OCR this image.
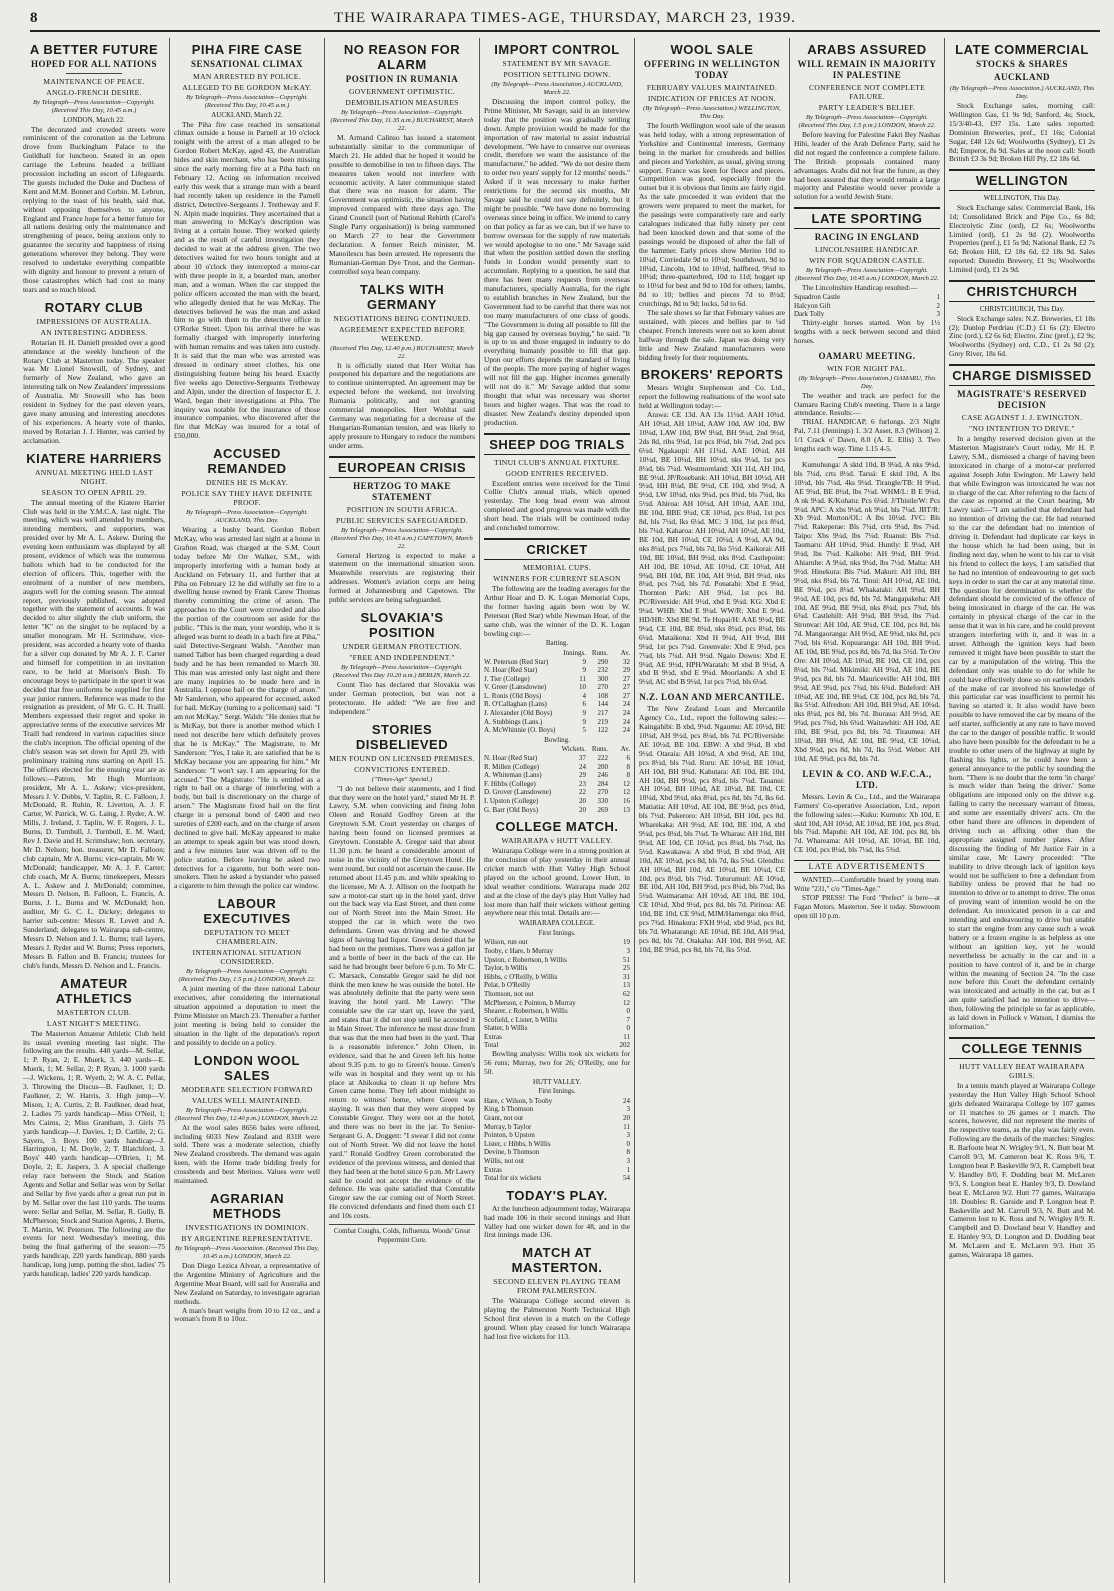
8	THE WAIRARAPA TIMES-AGE, THURSDAY, MARCH 23, 1939.
A BETTER FUTURE
HOPED FOR ALL NATIONS
MAINTENANCE OF PEACE.
ANGLO-FRENCH DESIRE.
By Telegraph—Press Association—Copyright. (Received This Day, 10.45 a.m.)
LONDON, March 22.

The decorated and crowded streets were reminiscent of the coronation as the Lebruns drove from Buckingham Palace to the Guildhall for luncheon. Seated in an open carriage the Lebruns headed a brilliant procession including an escort of Lifeguards. The guests included the Duke and Duchess of Kent and M.M. Bonnet and Corbin. M. Lebrun, replying to the toast of his health, said that, without opposing themselves to anyone, England and France hope for a better future for all nations desiring only the maintenance and strengthening of peace, being anxious only to guarantee the security and happiness of rising generations wherever they belong. They were resolved to undertake everything compatible with dignity and honour to prevent a return of those catastrophes which had cost so many tears and so much blood.

ROTARY CLUB
IMPRESSIONS OF AUSTRALIA.
AN INTERESTING ADDRESS.

Rotarian H. H. Daniell presided over a good attendance at the weekly luncheon of the Rotary Club at Masterton today. The speaker was Mr Lionel Snowsill, of Sydney, and formerly of New Zealand, who gave an interesting talk on New Zealanders' impressions of Australia. Mr Snowsill who has been resident in Sydney for the past eleven years, gave many amusing and interesting anecdotes of his experiences. A hearty vote of thanks, moved by Rotarian J. J. Hunter, was carried by acclamation.

KIATERE HARRIERS
ANNUAL MEETING HELD LAST NIGHT.
SEASON TO OPEN APRIL 29.

The annual meeting of the Kiatere Harrier Club was held in the Y.M.C.A. last night. The meeting, which was well attended by members, intending members, and supporters, was presided over by Mr A. L. Askew. During the evening keen enthusiasm was displayed by all present, evidence of which was the numerous ballots which had to be conducted for the election of officers. This, together with the enrolment of a number of new members, augurs well for the coming season. The annual report, previously published, was adopted together with the statement of accounts. It was decided to alter slightly the club uniform, the letter "K" on the singlet to be replaced by a smaller monogram. Mr H. Scrimshaw, vice-president, was accorded a hearty vote of thanks for a silver cup donated by Mr A. J. F. Carter and himself for competition in an invitation race, to be held at Morison's Bush. To encourage boys to participate in the sport it was decided that free uniforms be supplied for first year junior runners. Reference was made to the resignation as president, of Mr G. C. H. Traill. Members expressed their regret and spoke in appreciative terms of the executive services Mr Traill had rendered in various capacities since the club's inception. The official opening of the club's season was set down for April 29, with preliminary training runs starting on April 15. The officers elected for the ensuing year are as follows:—Patron, Mr Hugh Morrison; president, Mr A. L. Askew; vice-president, Messrs J. V. Dobbs, V. Taplin, R. C. Falloon, J. McDonald, R. Rubin, R. Liverton, A. J. F. Carter, W. Patrick, W. G. Laing, J. Ryder, A. W. Mills, J. Ireland, J. Taplin, W. F. Rogers, J. L. Burns, D. Turnbull, J. Turnbull, E. M. Ward, Rev J. Davie and H. Scrimshaw; hon. secretary, Mr D. Nelson; hon. treasurer, Mr D. Falloon; club captain, Mr A. Burns; vice-captain, Mr W. McDonald; handicapper, Mr A. J. F. Carter; club coach, Mr A. Burns; timekeepers, Messrs A. L. Askew and J. McDonald; committee, Messrs D. Nelson, B. Falloon, L. Francis, A. Burns, J. L. Burns and W. McDonald; hon. auditor, Mr G. C. L. Dickey; delegates to harrier sub-centre: Messrs R. Levett and A. Sunderland; delegates to Wairarapa sub-centre, Messrs D. Nelson and J. L. Burns; trail layers, Messrs J. Ryder and W. Burns; Press reporters, Messrs B. Fallon and B. Francis; trustees for club's funds, Messrs D. Nelson and L. Francis.

AMATEUR ATHLETICS
MASTERTON CLUB.
LAST NIGHT'S MEETING.

The Masterton Amateur Athletic Club held its usual evening meeting last night. The following are the results. 440 yards—M. Sellar, 1; P. Ryan, 2; E. Muerk, 3. 440 yards—E. Muerk, 1; M. Sellar, 2; P. Ryan, 3. 1000 yards—J. Wickens, 1; R. Wyeth, 2; W. A. C. Pellar, 3. Throwing the Discus—B. Faulkner, 1; D. Faulkner, 2; W. Harris, 3. High jump—V. Mison, 1; A. Curtis, 2; B. Faulkner, dead heat, 2. Ladies 75 yards handicap—Miss O'Neil, 1; Mrs Cairns, 2; Miss Grantham, 3. Girls 75 yards handicap—J. Davies, 1; D. Carlile, 2; G. Sayers, 3. Boys 100 yards handicap—J. Harrington, 1; M. Doyle, 2; T. Blatchford, 3. Boys' 440 yards handicap—O'Brien, 1; M. Doyle, 2; E. Jaspers, 3. A special challenge relay race between the Stock and Station Agents and Sellar and Sellar was won by Sellar and Sellar by five yards after a great run put in by M. Sellar over the last 110 yards. The teams were: Sellar and Sellar, M. Sellar, R. Gully, B. McPherson; Stock and Station Agents, J. Burns, T. Martin, W. Peterson. The following are the events for next Wednesday's meeting, this being the final gathering of the season:—75 yards handicap, 220 yards handicap, 880 yards handicap, long jump, putting the shot, ladies' 75 yards handicap, ladies' 220 yards handicap.

PIHA FIRE CASE
SENSATIONAL CLIMAX
MAN ARRESTED BY POLICE.
ALLEGED TO BE GORDON McKAY.
By Telegraph—Press Association—Copyright. (Received This Day, 10.45 a.m.)
AUCKLAND, March 22.

The Piha fire case reached its sensational climax outside a house in Parnell at 10 o'clock tonight with the arrest of a man alleged to be Gordon Robert McKay, aged 43, the Australian hides and skin merchant, who has been missing since the early morning fire at a Piha bach on February 12. Acting on information received early this week that a strange man with a beard had recently taken up residence in the Parnell district, Detective-Sergeants J. Tretheway and F. N. Alpin made inquiries. They ascertained that a man answering to McKay's description was living at a certain house. They worked quietly and as the result of careful investigation they decided to wait at the address given. The two detectives waited for two hours tonight and at about 10 o'clock they intercepted a motor-car with three people in it, a bearded man, another man, and a woman. When the car stopped the police officers accosted the man with the beard, who allegedly denied that he was McKay. The detectives believed he was the man and asked him to go with them to the detective office in O'Rorke Street. Upon his arrival there he was formally charged with improperly interfering with human remains and was taken into custody. It is said that the man who was arrested was dressed in ordinary street clothes, his one distinguishing feature being his beard. Exactly five weeks ago Detective-Sergeants Tretheway and Alpin, under the direction of Inspector E. J. Ward, began their investigations at Piha. The inquiry was notable for the insurance of those insurance companies, who discovered after the fire that McKay was insured for a total of £50,000.

ACCUSED REMANDED
DENIES HE IS McKAY.
POLICE SAY THEY HAVE DEFINITE PROOF.
By Telegraph—Press Association—Copyright. AUCKLAND, This Day.

Wearing a bushy beard, Gordon Robert McKay, who was arrested last night at a house in Grafton Road, was charged at the S.M. Court today before Mr Orr Walker, S.M., with improperly interfering with a human body at Auckland on February 11, and further that at Piha on February 12 he did wilfully set fire to a dwelling house owned by Frank Carew Thomas thereby committing the crime of arson. The approaches to the Court were crowded and also the portion of the courtroom set aside for the public. "This is the man, your worship, who it is alleged was burnt to death in a bach fire at Piha," said Detective-Sergeant Walsh. "Another man named Talbot has been charged regarding a dead body and he has been remanded to March 30. This man was arrested only last night and there are many inquiries to be made here and in Australia. I oppose bail on the charge of arson." Mr Sanderson, who appeared for accused, asked for bail. McKay (turning to a policeman) said: "I am not McKay." Sergt. Walsh: "He denies that he is McKay, but there is another method which I need not describe here which definitely proves that he is McKay." The Magistrate, to Mr Sanderson: "Yes, I take it, are satisfied that he is McKay because you are appearing for him." Mr Sanderson: "I won't say. I am appearing for the accused." The Magistrate: "He is entitled as a right to bail on a charge of interfering with a body, but bail is discretionary on the charge of arson." The Magistrate fixed bail on the first charge in a personal bond of £400 and two sureties of £200 each, and on the charge of arson declined to give bail. McKay appeared to make an attempt to speak again but was stood down, and a few minutes later was driven off to the police station. Before leaving he asked two detectives for a cigarette, but both were non-smokers. Then he asked a bystander who passed a cigarette to him through the police car window.

LABOUR EXECUTIVES
DEPUTATION TO MEET CHAMBERLAIN.
INTERNATIONAL SITUATION CONSIDERED.
By Telegraph—Press Association—Copyright. (Received This Day, 1.5 p.m.) LONDON, March 22.

A joint meeting of the three national Labour executives, after considering the international situation appointed a deputation to meet the Prime Minister on March 23. Thereafter a further joint meeting is being held to consider the situation in the light of the deputation's report and possibly to decide on a policy.

LONDON WOOL SALES
MODERATE SELECTION FORWARD
VALUES WELL MAINTAINED.
By Telegraph—Press Association—Copyright. (Received This Day, 12.40 p.m.) LONDON, March 22.

At the wool sales 8656 bales were offered, including 6033 New Zealand and 8318 were sold. There was a moderate selection, chiefly New Zealand crossbreds. The demand was again keen, with the Home trade bidding freely for crossbreds and best Merinos. Values were well maintained.

AGRARIAN METHODS
INVESTIGATIONS IN DOMINION.
BY ARGENTINE REPRESENTATIVE.
By Telegraph—Press Association. (Received This Day, 10.45 a.m.) LONDON, March 22.

Don Diego Lezica Alvear, a representative of the Argentine Ministry of Agriculture and the Argentine Meat Board, will sail for Australia and New Zealand on Saturday, to investigate agrarian methods.

A man's heart weighs from 10 to 12 oz., and a woman's from 8 to 10oz.

NO REASON FOR ALARM
POSITION IN RUMANIA
GOVERNMENT OPTIMISTIC.
DEMOBILISATION MEASURES
By Telegraph—Press Association—Copyright. (Received This Day, 11.35 a.m.) BUCHAREST, March 22.

M. Armand Calinso has issued a statement substantially similar to the communique of March 21. He added that he hoped it would be possible to demobilise in ten to fifteen days. The measures taken would not interfere with economic activity. A later communique stated that there was no reason for alarm. The Government was optimistic, the situation having improved compared with three days ago. The Grand Council (sort of National Rebirth (Carol's Single Party organisation)) is being summoned on March 27 to hear the Government declaration. A former Reich minister, M. Manoilescu has been arrested. He represents the Rumanian-German Dye Trust, and the German-controlled soya bean company.

TALKS WITH GERMANY
NEGOTIATIONS BEING CONTINUED.
AGREEMENT EXPECTED BEFORE WEEKEND.
(Received This Day, 12.40 p.m.) BUCHAREST, March 22.

It is officially stated that Herr Woltat has postponed his departure and the negotiations are to continue uninterrupted. An agreement may be expected before the weekend, not involving Rumania politically, and not granting commercial monopolies. Herr Wohltat said Germany was negotiating for a decrease of the Hungarian-Rumanian tension, and was likely to apply pressure to Hungary to reduce the numbers under arms.

EUROPEAN CRISIS
HERTZOG TO MAKE STATEMENT
POSITION IN SOUTH AFRICA.
PUBLIC SERVICES SAFEGUARDED.
By Telegraph—Press Association—Copyright. (Received This Day, 10.45 a.m.) CAPETOWN, March 22.

General Hertzog is expected to make a statement on the international situation soon. Meanwhile reservists are registering their addresses. Women's aviation corps are being formed at Johannesburg and Capetown. The public services are being safeguarded.

SLOVAKIA'S POSITION
UNDER GERMAN PROTECTION.
"FREE AND INDEPENDENT."
By Telegraph—Press Association—Copyright. (Received This Day 10.20 a.m.) BERLIN, March 22.

Count Tiso has declared that Slovakia was under German protection, but was not a protectorate. He added: "We are free and independent."

STORIES DISBELIEVED
MEN FOUND ON LICENSED PREMISES.
CONVICTIONS ENTERED.
("Times-Age" Special.)

"I do not believe their statements, and I find that they were on the hotel yard," stated Mr H. P. Lawry, S.M. when convicting and fining John Oleen and Ronald Godfrey Green at the Greytown S.M. Court yesterday on charges of having been found on licensed premises at Greytown. Constable A. Gregor said that about 11.30 p.m. he heard a considerable amount of noise in the vicinity of the Greytown Hotel. He went round, but could not ascertain the cause. He returned about 11.45 p.m. and while speaking to the licensee, Mr A. J. Allison on the footpath he saw a motor-car start up in the hotel yard, drive out the back way via East Street, and then come out of North Street into the Main Street. He stopped the car in which were the two defendants. Green was driving and he showed signs of having had liquor. Green denied that he had been on the premises. There was a gallon jar and a bottle of beer in the back of the car. He said he had brought beer before 6 p.m. To Mr C. C. Marsack, Constable Gregor said he did not think the men knew he was outside the hotel. He was absolutely definite that the party were seen leaving the hotel yard. Mr Lawry: "The constable saw the car start up, leave the yard, and states that it did not stop until he accosted it in Main Street. The inference he must draw from that was that the men had been in the yard. That is a reasonable inference." John Oleen, in evidence, said that he and Green left his home about 9.35 p.m. to go to Green's house. Green's wife was in hospital and they went up to his place at Ahikouka to clean it up before Mrs Green came home. They left about midnight to return to witness' home, where Green was staying. It was then that they were stopped by Constable Gregor. They were not at the hotel, and there was no beer in the jar. To Senior-Sergeant G. A. Doggett: "I swear I did not come out of North Street. We did not leave the hotel yard." Ronald Godfrey Green corroborated the evidence of the previous witness, and denied that they had been at the hotel since 6 p.m. Mr Lawry said he could not accept the evidence of the defence. He was quite satisfied that Constable Gregor saw the car coming out of North Street. He convicted defendants and fined them each £1 and 10s costs.

Combat Coughs, Colds, Influenza. Woods' Great Peppermint Cure.
IMPORT CONTROL
STATEMENT BY MR SAVAGE.
POSITION SETTLING DOWN.
(By Telegraph—Press Association.) AUCKLAND, March 22.

Discussing the import control policy, the Prime Minister, Mr Savage, said in an interview today that the position was gradually settling down. Ample provision would be made for the importation of raw material to assist industrial development. "We have to conserve our overseas credit, therefore we want the assistance of the manufacturer," he added. "We do not desire them to order two years' supply for 12 months' needs." Asked if it was necessary to make further restrictions for the second six months, Mr Savage said he could not say definitely, but it might be possible. "We have done no borrowing overseas since being in office. We intend to carry on that policy as far as we can, but if we have to borrow overseas for the supply of raw materials we would apologise to no one." Mr Savage said that when the position settled down the sterling funds in London would presently start to accumulate. Replying to a question, he said that there has been many requests from overseas manufacturers, specially Australia, for the right to establish branches in New Zealand, but the Government had to be careful that there was not too many manufacturers of one class of goods. "The Government is doing all possible to fill the big gap caused by overseas buying," he said. "It is up to us and those engaged in industry to do everything humanly possible to fill that gap. Upon our efforts depends the standard of living of the people. The more paying of higher wages will not fill the gap. Higher incomes generally will not do it." Mr Savage added that some thought that what was necessary was shorter hours and higher wages. That was the road to disaster. New Zealand's destiny depended upon production.

SHEEP DOG TRIALS
TINUI CLUB'S ANNUAL FIXTURE.
GOOD ENTRIES RECEIVED.

Excellent entries were received for the Tinui Collie Club's annual trials, which opened yesterday. The long head event was almost completed and good progress was made with the short head. The trials will be continued today and concluded tomorrow.

CRICKET
MEMORIAL CUPS.
WINNERS FOR CURRENT SEASON

The following are the leading averages for the Arthur Hoar and D. K. Logan Memorial Cups, the former having again been won by W. Peterson (Red Star) while Newman Hoar, of the same club, was the winner of the D. K. Logan bowling cup:—

Batting.
	Innings.	Runs.	Av.
W. Peterson (Red Star)	9	290	32
N. Hoar (Red Star)	9	232	29
J. Tier (College)	11	300	27
V. Greer (Lansdowne)	10	270	27
L. Ronis (Old Boys)	4	108	27
R. O'Callaghan (Lans)	6	144	24
J. Alexander (Old Boys)	9	217	24
A. Stubbings (Lans.)	9	219	24
A. McWhinnie (O. Boys)	5	122	24
Bowling.
	Wickets.	Runs.	Av.
N. Hoar (Red Star)	37	222	6
R. Millen (College)	24	200	8
A. Whiteman (Lans)	29	246	8
F. Hibbs (College)	23	284	12
D. Grover (Lansdowne)	22	270	12
I. Upston (College)	20	330	16
G. Barr (Old Boys)	20	269	13
COLLEGE MATCH.
WAIRARAPA v HUTT VALLEY.

Wairarapa College were in a strong position at the conclusion of play yesterday in their annual cricket match with Hutt Valley High School played on the school ground, Lower Hutt, in ideal weather conditions. Wairarapa made 202 and at the close of the day's play Hutt Valley had lost more than half their wickets without getting anywhere near this total. Details are:—

WAIRARAPA COLLEGE.
First Innings.
Wilson, run out	19
Tooby, c Hare, b Murray	3
Upston, c Robertson, b Willis	51
Taylor, b Willis	25
Hibbs, c O'Reilly, b Willis	31
Pelar, b O'Reilly	13
Thomson, not out	62
McPherson, c Pointon, b Murray	12
Shearer, c Robertson, b Willis	0
Scofield, c Lister, b Willis	7
Slatter, b Willis	0
Extras	11
Total	202

Bowling analysis: Willis took six wickets for 56 runs; Murray, two for 26; O'Reilly, one for 50.

HUTT VALLEY.
First Innings.
Hare, c Wilson, b Tooby	24
King, b Thomson	3
Grant, not out	20
Murray, b Taylor	11
Pointon, b Upston	3
Lister, c Hibbs, b Willis	0
Devine, b Thomson	8
Willis, not out	3
Extras	1
Total for six wickets	54
TODAY'S PLAY.

At the luncheon adjournment today, Wairarapa had made 106 in their second innings and Hutt Valley had one wicket down for 48, and in the first innings made 136.

MATCH AT MASTERTON.
SECOND ELEVEN PLAYING TEAM FROM PALMERSTON.

The Wairarapa College second eleven is playing the Palmerston North Technical High School first eleven in a match on the College ground. When play ceased for lunch Wairarapa had lost five wickets for 113.

WOOL SALE
OFFERING IN WELLINGTON TODAY
FEBRUARY VALUES MAINTAINED.
INDICATION OF PRICES AT NOON.
(By Telegraph—Press Association.) WELLINGTON, This Day.

The fourth Wellington wool sale of the season was held today, with a strong representation of Yorkshire and Continental interests, Germany being in the market for crossbreds and bellies and pieces and Yorkshire, as usual, giving strong support. France was keen for fleece and pieces. Competition was good, especially from the outset but it is obvious that limits are fairly rigid. As the sale proceeded it was evident that the growers were prepared to meet the market, for the passings were comparatively rare and early catalogues indicated that fully ninety per cent had been knocked down and that some of the passings would be disposed of after the fall of the hammer. Early prices show Merino 10d to 10¼d, Corriedale 9d to 10½d; Southdown, 9d to 10¼d, Lincoln, 10d to 10½d, halfbred, 9½d to 10½d; three-quarterbred, 10d to 11d; hogget up to 10½d for best and 9d to 10d for others; lambs, 8d to 10; bellies and pieces 7d to 8½d; crutchings, 8d to 9d; locks, 5d to 6d.

The sale shows so far that February values are sustained, with pieces and bellies par to ¼d cheaper. French interests were not so keen about halfway through the sale. Japan was doing very little and New Zealand manufacturers were bidding freely for their requirements.

BROKERS' REPORTS

Messrs Wright Stephenson and Co. Ltd., report the following realisations of the wool sale held at Wellington today:—

Arawa: CE 13d. AA 13s 11¼d. AAH 10¾d. AH 10¼d, AH 10½d, AAW 10d, AW 10d, BW 10¼d, LAW 10d, BW 9¼d, BH 9¼d, 2nd 9½d, 2ds 8d, ribs 9¼d, 1st pcs 8¼d, bls 7½d, 2nd pcs 6½d. Ngakaupi: AH 11¼d, AAE 10¼d, AH 10½d, BE 10¼d, BH 10½d, nks 9¼d, 1st pcs 8¼d, bls 7¼d. Westmoreland: XH 11d, AH 10d, BE 9½d. JP/Rosebank: AH 10¼d, BH 10½d, AH 9½d, HH 8¼d, BE 9½d, CE 10d, xbd 9½d, A 9½d, LW 10¼d, nks 9¼d, pcs 8¼d, bls 7¼d, lks 5½d. Ahiroa: AH 10½d, AH 10¼d, AAE 10d, BE 10d, BBE 9¼d, CE 10¼d, pcs 8¼d, 1st pcs 8d, bls 7½d, lks 6¼d. MC: 3 10d, 1st pcs 8¼d, bls 7¼d. Kaharoa: AH 10½d, AH 10½d, AE 10d, BE 10d, BH 10¼d, CE 10½d, A 9½d, AA 9d, nks 8¼d, pcs 7¼d, bls 7d, lks 5½d. Kaikorai: AH 10d, BE 10¼d, BH 9½d, nks 8½d. Castlepoint: AH 10d, BE 10¼d, AE 10½d, CE 10½d, AH 9¾d, BH 10d, BE 10d, AH 9½d, BH 9¼d, nks 8¼d, pcs 7¼d, bls 7d. Ponatahi: Xbd E 9¼d, Thornton Park: AH 9¼d, 1st pcs 8d. PC/Riverside: AH 9½d, xbd E 9¼d. KG: Xbd E 9¼d. WHB: Xbd E 9¼d. WW/R: Xbd E 9¼d. HD/HR: Xbd BE 9d. Te Hopai/H: AAE 9½d, BE 9¼d, CE 10d, BE 8¾d, nks 8¼d, pcs 8¼d, bls 6¼d. Mataikona: Xbd H 9¼d, AH 9½d, BH 9¼d, 1st pcs 7¼d. Greenvale: Xbd E 9¼d, pcs 7¼d, bls 7¼d. AH 9½d. Ngaio Downs: Xbd E 9¼d, AE 9½d, HPH/Waratah: M xbd B 9½d, A xbd B 9½d, xbd E 9¼d. Moorlands: A xbd E 9½d, AC xbd B 9½d, 1st pcs 7½d, bls 6¼d.

N.Z. LOAN AND MERCANTILE.

The New Zealand Loan and Mercantile Agency Co., Ltd., report the following sales:—Kaingahibi: B xbd, 9¼d. Ngaumu: AE 10½d, BE 10¼d, AH 9½d, pcs 8¼d, bls 7d. PC/Riverside: AE 10½d, BE 10d. EBW: A xbd 9¼d, B xbd 9½d. Otaraia: AH 10¾d, A xbd 9½d, AE 10d, pcs 8½d, bls 7¼d. Ruru: AE 10½d, BE 10¼d, AH 10d, BH 9¾d. Kahutara: AE 10d, BE 10d, AH 10d, BH 9½d, pcs 8¼d, bls 7¼d. Tauanui: AH 10½d, BH 10¼d, AE 10½d, BE 10d, CE 10¼d, Xbd 9½d, nks 8¼d, pcs 8d, bls 7d, lks 6d. Matiatia: AH 10½d, AE 10d, BE 9½d, pcs 8¼d, bls 7½d. Pukeroro: AH 10½d, BH 10d, pcs 8d. Wharekaka: AH 9½d, AE 10d, BE 10d, A xbd 9¼d, pcs 8¼d, bls 7¼d. Te Wharau: AH 10d, BH 9½d, AE 10d, CE 10¼d, pcs 8¼d, bls 7¼d, lks 5½d. Kawakawa: A xbd 9½d, B xbd 9¼d, AH 10d, AE 10¼d, pcs 8d, bls 7d, lks 5¾d. Glendhu: AH 10¼d, BH 10d, AE 10½d, BE 10¼d, CE 10d, pcs 8½d, bls 7½d. Tuturumuri: AE 10¼d, BE 10d, AH 10d, BH 9½d, pcs 8¼d, bls 7¼d, lks 5½d. Waimarama: AH 10½d, AE 10d, BE 10d, CE 10¼d, Xbd 9½d, pcs 8d, bls 7d. Pirinoa: AE 10d, BE 10d, CE 9¾d, MJM/Hamenga: nks 8¼d, pcs 7¾d. Hinakura: FXH 9½d, xbd 9¼d, pcs 8d, bls 7d. Whatarangi: AE 10¼d, BE 10d, AH 9¾d, pcs 8d, bls 7d. Otakaha: AH 10d, BH 9½d, AE 10d, BE 9¾d, pcs 8d, bls 7d, lks 5½d.

ARABS ASSURED
WILL REMAIN IN MAJORITY IN PALESTINE
CONFERENCE NOT COMPLETE FAILURE.
PARTY LEADER'S BELIEF.
By Telegraph—Press Association—Copyright. (Received This Day, 1.5 p.m.) LONDON, March 22.

Before leaving for Palestine Fakri Bey Nashas Hibi, leader of the Arab Defence Party, said he did not regard the conference a complete failure. The British proposals contained many advantages. Arabs did not fear the future, as they had been assured that they would remain a large majority and Palestine would never provide a solution for a world Jewish State.

LATE SPORTING
RACING IN ENGLAND
LINCOLNSHIRE HANDICAP.
WIN FOR SQUADRON CASTLE.
By Telegraph—Press Association—Copyright. (Received This Day, 10.45 a.m.) LONDON, March 22.

The Lincolnshire Handicap resulted:—

Squadron Castle	1
Halcyon Gift	2
Dark Tolly	3

Thirty-eight horses started. Won by 1½ lengths with a neck between second and third horses.

OAMARU MEETING.
WIN FOR NIGHT PAL.
(By Telegraph—Press Association.) OAMARU, This Day.

The weather and track are perfect for the Oamaru Racing Club's meeting. There is a large attendance. Results:—

TRIAL HANDICAP, 6 furlongs. 2/3 Night Pal, 7.11 (Jennings) 1. 3/2 Asset, 8.3 (Wilson) 2. 1/1 Crack o' Dawn, 8.0 (A. E. Ellis) 3. Two lengths each way. Time 1.15 4-5.

Kumuhunga: A sktd 10d, B 9¼d, A nks 9¼d, bls 7¼d, crts 8½d. Taruá: E sktd 10d, A lbs 10½d, bls 7¼d, 4ks 9¼d. Tirangle/TB: H 9¼d, AE 9¼d, BE 8½d, lbs 7¼d. WHM/L: B E 9¼d, A nk 9¼d. K/Kohatu: Pcs 6¼d. J/Thistle/W: Pcs 9¼d. APC: A xbs 9¼d, nk 9¼d, bls 7¼d. JBT/R: Xb 9¼d. Morton/OL: A lbs 10¼d. JVC: Bls 7¼d. Rakeperae: Bls 7¼d, crts 9¼d, lbs 7¼d. Taipo: Xbs 9¼d, lbs 7¼d. Ruanui: Bls 7½d. Taumaru: AH 10½d, 9¾d. Huntly: E 9¼d, AH 9¼d, lbs 7¼d. Kaikohe: AH 9¼d, BH 9½d. Ahiaruhe: A 9¼d, nks 9¼d, lbs 7½d. Malta: AH 9½d. Hinekura: Bls 7¼d. Makuri: AH 10d, BH 9½d, nks 8¼d, bls 7d. Tinui: AH 10½d, AE 10d, BE 9¾d, pcs 8¼d. Whakataki: AH 9¾d, BH 9½d, AE 10d, pcs 8d, bls 7d. Mangapakeha: AH 10d, AE 9¾d, BE 9½d, nks 8¼d, pcs 7¾d, bls 6¾d. Castlehill: AH 9¾d, BH 9½d, lbs 7¼d. Stronvar: AH 10d, AE 9¾d, CE 10d, pcs 8d, bls 7d. Mangaoranga: AH 9½d, AE 9¾d, nks 8d, pcs 7½d, bls 6½d. Kopuaranga: AH 10d, BH 9½d, AE 10d, BE 9¾d, pcs 8d, bls 7d, lks 5½d. Te Ore Ore: AH 10½d, AE 10¼d, BE 10d, CE 10d, pcs 8¼d, bls 7¼d. Mikimiki: AH 9¾d, AE 10d, BE 9½d, pcs 8d, bls 7d. Mauriceville: AH 10d, BH 9½d, AE 9¾d, pcs 7¾d, bls 6¾d. Bideford: AH 10¼d, AE 10d, BE 9¾d, CE 10d, pcs 8d, bls 7d, lks 5½d. Alfredton: AH 10d, BH 9¾d, AE 10¼d, nks 8¼d, pcs 8d, bls 7d. Ihuraua: AH 9½d, AE 9¾d, pcs 7¾d, bls 6¾d. Waitawhiti: AH 10d, AE 10d, BE 9½d, pcs 8d, bls 7d. Tiraumea: AH 10¼d, BH 9¾d, AE 10d, BE 9¾d, CE 10¼d, Xbd 9¼d, pcs 8d, bls 7d, lks 5½d. Weber: AH 10d, AE 9¾d, pcs 8d, bls 7d.

LEVIN & CO. AND W.F.C.A., LTD.

Messrs. Levin & Co., Ltd., and the Wairarapa Farmers' Co-operative Association, Ltd., report the following sales:—Kuku: Kumuto: Xb 10d, E sktd 10d, AH 10½d, AE 10¼d, BE 10d, pcs 8¼d, bls 7¼d. Mapuhi: AH 10d, AE 10d, pcs 8d, bls 7d. Whareama: AH 10½d, AE 10¼d, BE 10d, CE 10d, pcs 8¼d, bls 7¼d, lks 5¾d.

LATE ADVERTISEMENTS

WANTED.—Comfortable board by young man. Write "231," c/o "Times-Age."

STOP PRESS! The Ford "Prefect" is here—at Fagan Motors. Masterton. See it today. Showroom open till 10 p.m.

LATE COMMERCIAL
STOCKS & SHARES
AUCKLAND
(By Telegraph—Press Association.) AUCKLAND, This Day.

Stock Exchange sales, morning call: Wellington Gas, £1 9s 9d; Sanford, 4s; Stock, 15/3/40-43, £97 15s. Late sales reported: Dominion Breweries, pref., £1 16s; Colonial Sugar, £48 12s 6d; Woolworths (Sydney), £1 2s 8d; Emperor, 8s 9d. Sales at the noon call: South British £3 3s 9d; Broken Hill Pty, £2 18s 6d.

WELLINGTON
WELLINGTON, This Day.

Stock Exchange sales: Commercial Bank, 16s 1d; Consolidated Brick and Pipe Co., 6s 8d; Electrolytic Zinc (ord), £2 6s; Woolworths Limited (ord), £1 2s 9d (2). Woolworths Properties (pref.), £1 5s 9d; National Bank, £2 7s 6d; Broken Hill, £2 18s 6d, £2 18s 9d. Sales reported: Dunedin Brewery, £1 9s; Woolworths Limited (ord), £1 2s 9d.

CHRISTCHURCH
CHRISTCHURCH, This Day.

Stock Exchange sales: N.Z. Breweries, £1 18s (2); Dunlop Perdriau (C.D.) £1 6s (2); Electro Zinc (ord.), £2 6s 6d; Electro. Zinc (pref.), £2 9s; Woolworths (Sydney) ord, C.D., £1 2s 9d (2); Grey River, 18s 6d.

CHARGE DISMISSED
MAGISTRATE'S RESERVED DECISION
CASE AGAINST J. J. EWINGTON.
"NO INTENTION TO DRIVE."

In a lengthy reserved decision given at the Masterton Magistrate's Court today, Mr H. P. Lawry, S.M., dismissed a charge of having been intoxicated in charge of a motor-car preferred against Joseph John Ewington. Mr Lawry held that while Ewington was intoxicated he was not in charge of the car. After referring to the facts of the case as reported at the Court hearing, Mr Lawry said:—"I am satisfied that defendant had no intention of driving the car. He had returned to the car the defendant had no intention of driving it. Defendant had duplicate car keys in the house which he had been using, but in finding next day, when he went to his car to visit his friend to collect the keys, I am satisfied that he had no intention of endeavouring to get such keys in order to start the car at any material time. The question for determination is whether the defendant should be convicted of the offence of being intoxicated in charge of the car. He was certainly in physical charge of the car in the sense that it was in his care, and he could prevent strangers interfering with it, and it was in a street. Although the ignition keys had been removed it might have been possible to start the car by a manipulation of the wiring. This the defendant only was unable to do for while he could have effectively done so on earlier models of the make of car involved his knowledge of this particular car was insufficient to permit his having so started it. It also would have been possible to have removed the car by means of the self starter, sufficiently at any rate to have moved the car to the danger of possible traffic. It would also have been possible for the defendant to be a trouble to other users of the highway at night by flashing his lights, or he could have been a general annoyance to the public by sounding the horn. "There is no doubt that the term 'in charge' is much wider than 'being the driver.' Some obligations are imposed only on the driver e.g. failing to carry the necessary warrant of fitness, and some are essentially drivers' acts. On the other hand there are offences in dependent of driving such as affixing other than the appropriate assigned number plates. After discussing the finding of Mr Justice Fair in a similar case, Mr Lawry proceeded: "The inability to drive through lack of ignition keys would not be sufficient to free a defendant from liability unless he proved that he had no intention to drive or to attempt to drive. The onus of proving want of intention would be on the defendant. An intoxicated person in a car and intending and endeavouring to drive but unable to start the engine from any cause such a weak battery or a frozen engine is as helpless as one without an ignition key, yet he would nevertheless be actually in the car and in a position to have control of it, and be in charge within the meaning of Section 24. "In the case now before this Court the defendant certainly was intoxicated and actually in the car, but as I am quite satisfied had no intention to drive—then, following the principle so far as applicable, as laid down in Pollock v Watson, I dismiss the information."

COLLEGE TENNIS
HUTT VALLEY BEAT WAIRARAPA GIRLS.

In a tennis match played at Wairarapa College yesterday the Hutt Valley High School School girls defeated Wairarapa College by 107 games or 11 matches to 26 games or 1 match. The scores, however, did not represent the merits of the respective teams, as the play was fairly even. Following are the details of the matches: Singles: R. Barfoote beat N. Wrigley 9/1, N. Butt beat M. Carroll 9/3, M. Cameron beat K. Ross 9/6, T. Longton beat P. Baskeville 9/3, R. Campbell beat V. Handley 8/0, F. Dudding beat M. McLaren 9/3, S. Longton beat E. Hanley 9/3, D. Dowland beat E. McLaren 9/2. Hutt 77 games, Wairarapa 18. Doubles: R. Garside and P. Longton beat P. Baskeville and M. Carroll 9/3, N. Butt and M. Cameron lost to K. Ross and N. Wrigley 8/9. R. Campbell and D. Dowland beat V. Handley and E. Hanley 9/3, D. Longton and D. Dudding beat M. McLaren and E. McLaren 9/3. Hutt 35 games, Wairarapa 18 games.
